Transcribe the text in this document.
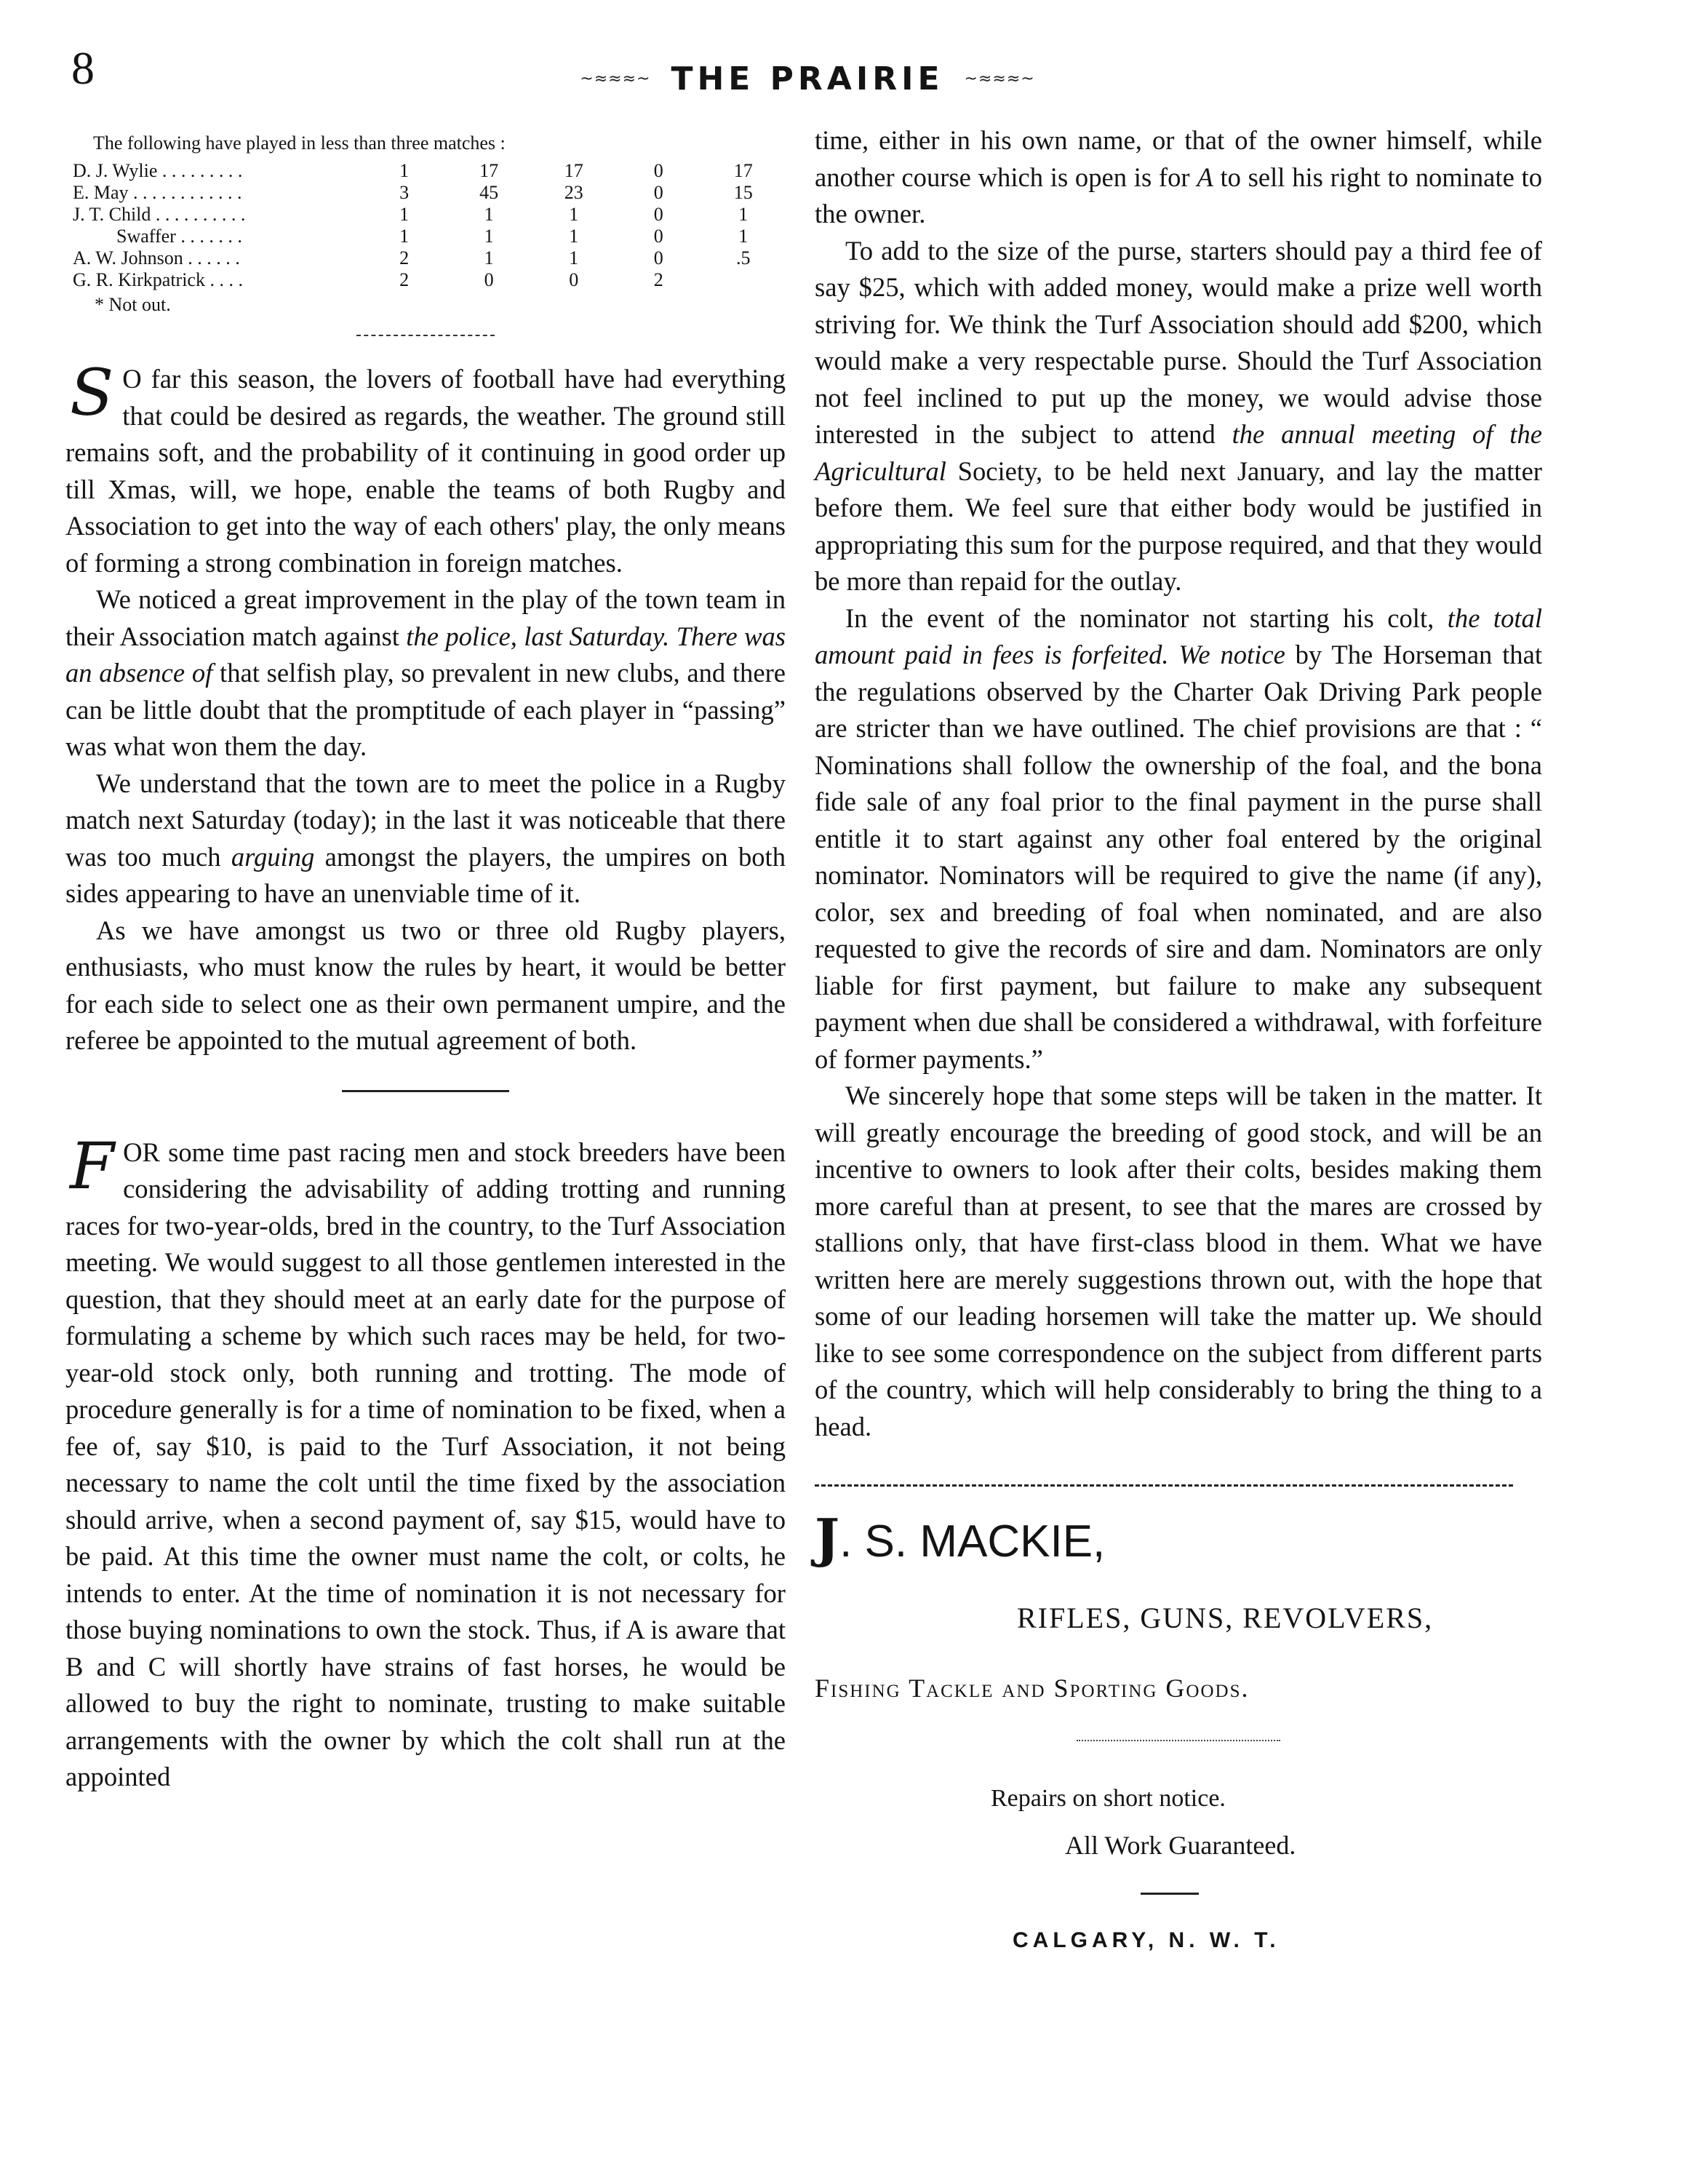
8	~≈≈≈~ THE PRAIRIE ~≈≈≈~
The following have played in less than three matches :
D. J. Wylie . . . . . . . . .	1	17	17	0	17
E. May . . . . . . . . . . . .	3	45	23	0	15
J. T. Child . . . . . . . . . .	1	1	1	0	1
Swaffer . . . . . . .	1	1	1	0	1
A. W. Johnson . . . . . .	2	1	1	0	.5
G. R. Kirkpatrick . . . .	2	0	0	2	
* Not out.

S O far this season, the lovers of football have had everything that could be desired as regards, the weather. The ground still remains soft, and the probability of it continuing in good order up till Xmas, will, we hope, enable the teams of both Rugby and Association to get into the way of each others' play, the only means of forming a strong combination in foreign matches.

We noticed a great improvement in the play of the town team in their Association match against the police, last Saturday. There was an absence of that selfish play, so prevalent in new clubs, and there can be little doubt that the promptitude of each player in “passing” was what won them the day.

We understand that the town are to meet the police in a Rugby match next Saturday (today); in the last it was noticeable that there was too much arguing amongst the players, the umpires on both sides appearing to have an unenviable time of it.

As we have amongst us two or three old Rugby players, enthusiasts, who must know the rules by heart, it would be better for each side to select one as their own permanent umpire, and the referee be appointed to the mutual agreement of both.

FOR some time past racing men and stock breeders have been considering the advisability of adding trotting and running races for two-year-olds, bred in the country, to the Turf Association meeting. We would suggest to all those gentlemen interested in the question, that they should meet at an early date for the purpose of formulating a scheme by which such races may be held, for two-year-old stock only, both running and trotting. The mode of procedure generally is for a time of nomination to be fixed, when a fee of, say $10, is paid to the Turf Association, it not being necessary to name the colt until the time fixed by the association should arrive, when a second payment of, say $15, would have to be paid. At this time the owner must name the colt, or colts, he intends to enter. At the time of nomination it is not necessary for those buying nominations to own the stock. Thus, if A is aware that B and C will shortly have strains of fast horses, he would be allowed to buy the right to nominate, trusting to make suitable arrangements with the owner by which the colt shall run at the appointed

time, either in his own name, or that of the owner himself, while another course which is open is for A to sell his right to nominate to the owner.

To add to the size of the purse, starters should pay a third fee of say $25, which with added money, would make a prize well worth striving for. We think the Turf Association should add $200, which would make a very respectable purse. Should the Turf Association not feel inclined to put up the money, we would advise those interested in the subject to attend the annual meeting of the Agricultural Society, to be held next January, and lay the matter before them. We feel sure that either body would be justified in appropriating this sum for the purpose required, and that they would be more than repaid for the outlay.

In the event of the nominator not starting his colt, the total amount paid in fees is forfeited. We notice by The Horseman that the regulations observed by the Charter Oak Driving Park people are stricter than we have outlined. The chief provisions are that : “ Nominations shall follow the ownership of the foal, and the bona fide sale of any foal prior to the final payment in the purse shall entitle it to start against any other foal entered by the original nominator. Nominators will be required to give the name (if any), color, sex and breeding of foal when nominated, and are also requested to give the records of sire and dam. Nominators are only liable for first payment, but failure to make any subsequent payment when due shall be considered a withdrawal, with forfeiture of former payments.”

We sincerely hope that some steps will be taken in the matter. It will greatly encourage the breeding of good stock, and will be an incentive to owners to look after their colts, besides making them more careful than at present, to see that the mares are crossed by stallions only, that have first-class blood in them. What we have written here are merely suggestions thrown out, with the hope that some of our leading horsemen will take the matter up. We should like to see some correspondence on the subject from different parts of the country, which will help considerably to bring the thing to a head.

J. S. MACKIE,
RIFLES, GUNS, REVOLVERS,
Fishing Tackle and Sporting Goods.
Repairs on short notice.
All Work Guaranteed.
CALGARY, N. W. T.
